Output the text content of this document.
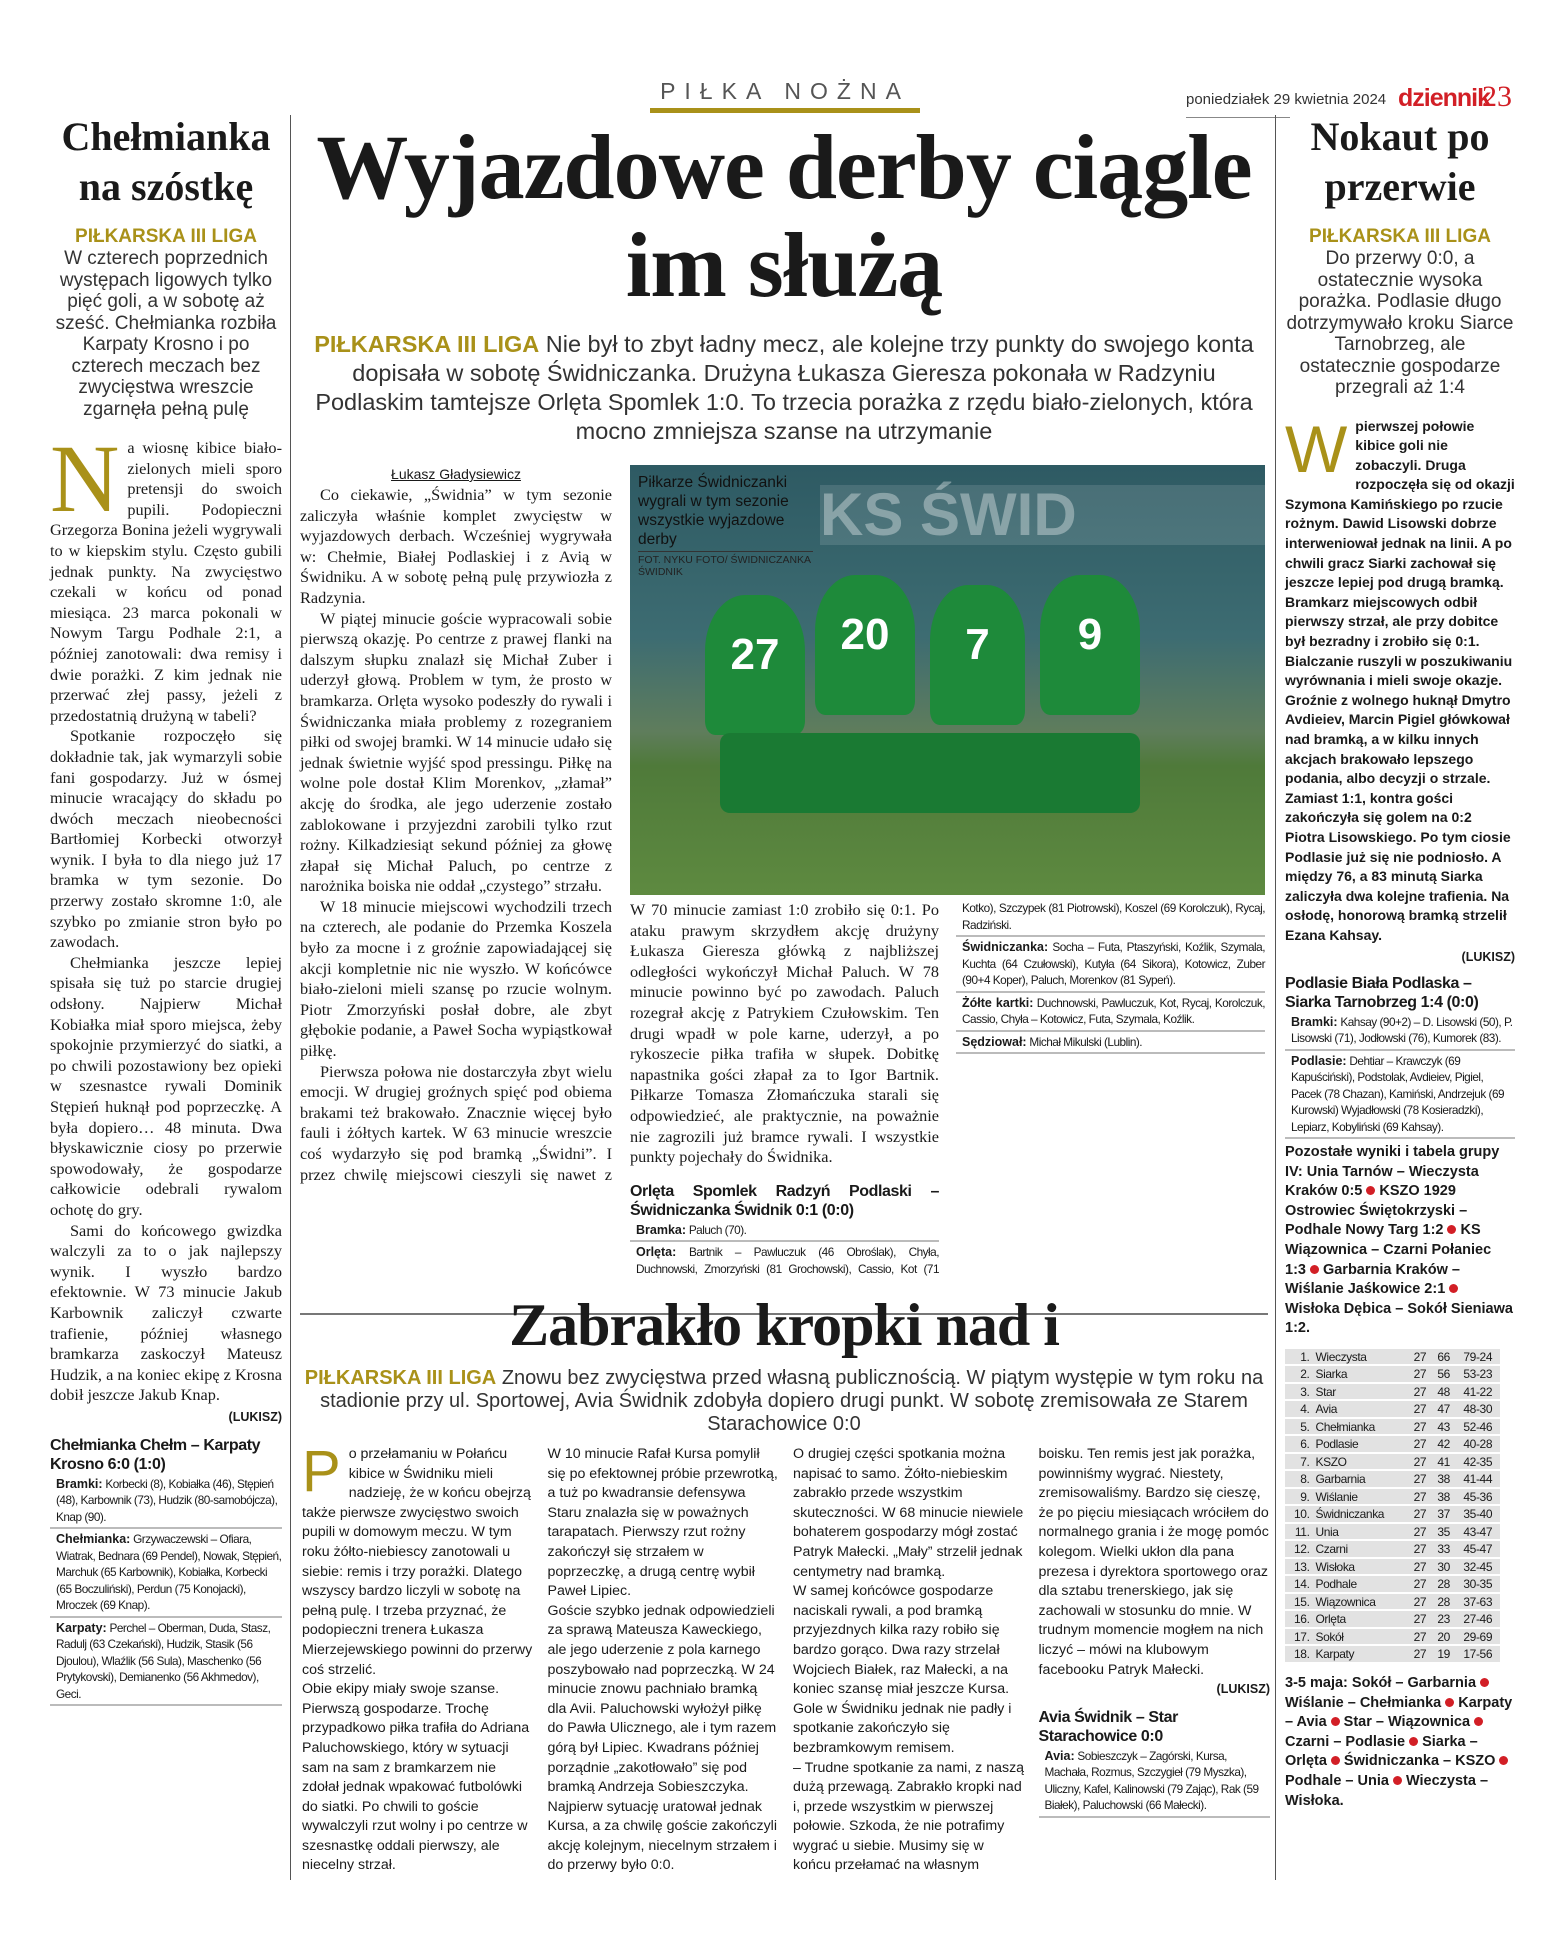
PIŁKA NOŻNA	poniedziałek 29 kwietnia 2024 dziennik
23
Chełmianka na szóstkę
PIŁKARSKA III LIGA
W czterech poprzednich występach ligowych tylko pięć goli, a w sobotę aż sześć. Chełmianka rozbiła Karpaty Krosno i po czterech meczach bez zwycięstwa wreszcie zgarnęła pełną pulę

Na wiosnę kibice biało-zielonych mieli sporo pretensji do swoich pupili. Podopieczni Grzegorza Bonina jeżeli wygrywali to w kiepskim stylu. Często gubili jednak punkty. Na zwycięstwo czekali w końcu od ponad miesiąca. 23 marca pokonali w Nowym Targu Podhale 2:1, a później zanotowali: dwa remisy i dwie porażki. Z kim jednak nie przerwać złej passy, jeżeli z przedostatnią drużyną w tabeli?

Spotkanie rozpoczęło się dokładnie tak, jak wymarzyli sobie fani gospodarzy. Już w ósmej minucie wracający do składu po dwóch meczach nieobecności Bartłomiej Korbecki otworzył wynik. I była to dla niego już 17 bramka w tym sezonie. Do przerwy zostało skromne 1:0, ale szybko po zmianie stron było po zawodach.

Chełmianka jeszcze lepiej spisała się tuż po starcie drugiej odsłony. Najpierw Michał Kobiałka miał sporo miejsca, żeby spokojnie przymierzyć do siatki, a po chwili pozostawiony bez opieki w szesnastce rywali Dominik Stępień huknął pod poprzeczkę. A była dopiero… 48 minuta. Dwa błyskawicznie ciosy po przerwie spowodowały, że gospodarze całkowicie odebrali rywalom ochotę do gry.

Sami do końcowego gwizdka walczyli za to o jak najlepszy wynik. I wyszło bardzo efektownie. W 73 minucie Jakub Karbownik zaliczył czwarte trafienie, później własnego bramkarza zaskoczył Mateusz Hudzik, a na koniec ekipę z Krosna dobił jeszcze Jakub Knap.

(LUKISZ)
Chełmianka Chełm – Karpaty Krosno 6:0 (1:0)
Bramki: Korbecki (8), Kobiałka (46), Stępień (48), Karbownik (73), Hudzik (80-samobójcza), Knap (90).
Chełmianka: Grzywaczewski – Ofiara, Wiatrak, Bednara (69 Pendel), Nowak, Stępień, Marchuk (65 Karbownik), Kobiałka, Korbecki (65 Boczuliński), Perdun (75 Konojacki), Mroczek (69 Knap).
Karpaty: Perchel – Oberman, Duda, Stasz, Radulj (63 Czekański), Hudzik, Stasik (56 Djoulou), Wlaźlik (56 Sula), Maschenko (56 Prytykovski), Demianenko (56 Akhmedov), Geci.
Wyjazdowe derby ciągle im służą
PIŁKARSKA III LIGA Nie był to zbyt ładny mecz, ale kolejne trzy punkty do swojego konta dopisała w sobotę Świdniczanka. Drużyna Łukasza Gieresza pokonała w Radzyniu Podlaskim tamtejsze Orlęta Spomlek 1:0. To trzecia porażka z rzędu biało-zielonych, która mocno zmniejsza szanse na utrzymanie
Łukasz Gładysiewicz
KS ŚWID
27	20	7	9
Piłkarze Świdniczanki wygrali w tym sezonie wszystkie wyjazdowe derby
FOT. NYKU FOTO/ ŚWIDNICZANKA ŚWIDNIK

Co ciekawie, „Świdnia” w tym sezonie zaliczyła właśnie komplet zwycięstw w wyjazdowych derbach. Wcześniej wygrywała w: Chełmie, Białej Podlaskiej i z Avią w Świdniku. A w sobotę pełną pulę przywiozła z Radzynia.

W piątej minucie goście wypracowali sobie pierwszą okazję. Po centrze z prawej flanki na dalszym słupku znalazł się Michał Zuber i uderzył głową. Problem w tym, że prosto w bramkarza. Orlęta wysoko podeszły do rywali i Świdniczanka miała problemy z rozegraniem piłki od swojej bramki. W 14 minucie udało się jednak świetnie wyjść spod pressingu. Piłkę na wolne pole dostał Klim Morenkov, „złamał” akcję do środka, ale jego uderzenie zostało zablokowane i przyjezdni zarobili tylko rzut rożny. Kilkadziesiąt sekund później za głowę złapał się Michał Paluch, po centrze z narożnika boiska nie oddał „czystego” strzału.

W 18 minucie miejscowi wychodzili trzech na czterech, ale podanie do Przemka Koszela było za mocne i z groźnie zapowiadającej się akcji kompletnie nic nie wyszło. W końcówce biało-zieloni mieli szansę po rzucie wolnym. Piotr Zmorzyński posłał dobre, ale zbyt głębokie podanie, a Paweł Socha wypiąstkował piłkę.

Pierwsza połowa nie dostarczyła zbyt wielu emocji. W drugiej groźnych spięć pod obiema brakami też brakowało. Znacznie więcej było fauli i żółtych kartek. W 63 minucie wreszcie coś wydarzyło się pod bramką „Świdni”. I przez chwilę miejscowi cieszyli się nawet z

W 70 minucie zamiast 1:0 zrobiło się 0:1. Po ataku prawym skrzydłem akcję drużyny Łukasza Gieresza główką z najbliższej odległości wykończył Michał Paluch. W 78 minucie powinno być po zawodach. Paluch rozegrał akcję z Patrykiem Czułowskim. Ten drugi wpadł w pole karne, uderzył, a po rykoszecie piłka trafiła w słupek. Dobitkę napastnika gości złapał za to Igor Bartnik. Piłkarze Tomasza Złomańczuka starali się odpowiedzieć, ale praktycznie, na poważnie nie zagrozili już bramce rywali. I wszystkie punkty pojechały do Świdnika.

Orlęta Spomlek Radzyń Podlaski – Świdniczanka Świdnik 0:1 (0:0)
Bramka: Paluch (70).
Orlęta: Bartnik – Pawluczuk (46 Obroślak), Chyła, Duchnowski, Zmorzyński (81 Grochowski), Cassio, Kot (71 Kotko), Szczypek (81 Piotrowski), Koszel (69 Korolczuk), Rycaj, Radziński.
Świdniczanka: Socha – Futa, Ptaszyński, Koźlik, Szymala, Kuchta (64 Czułowski), Kutyła (64 Sikora), Kotowicz, Zuber (90+4 Koper), Paluch, Morenkov (81 Sypeń).
Żółte kartki: Duchnowski, Pawluczuk, Kot, Rycaj, Korolczuk, Cassio, Chyła – Kotowicz, Futa, Szymala, Koźlik.
Sędziował: Michał Mikulski (Lublin).
Nokaut po przerwie
PIŁKARSKA III LIGA
Do przerwy 0:0, a ostatecznie wysoka porażka. Podlasie długo dotrzymywało kroku Siarce Tarnobrzeg, ale ostatecznie gospodarze przegrali aż 1:4
Wpierwszej połowie kibice goli nie zobaczyli. Druga rozpoczęła się od okazji Szymona Kamińskiego po rzucie rożnym. Dawid Lisowski dobrze interweniował jednak na linii. A po chwili gracz Siarki zachował się jeszcze lepiej pod drugą bramką. Bramkarz miejscowych odbił pierwszy strzał, ale przy dobitce był bezradny i zrobiło się 0:1. Bialczanie ruszyli w poszukiwaniu wyrównania i mieli swoje okazje. Groźnie z wolnego huknął Dmytro Avdieiev, Marcin Pigiel główkował nad bramką, a w kilku innych akcjach brakowało lepszego podania, albo decyzji o strzale. Zamiast 1:1, kontra gości zakończyła się golem na 0:2 Piotra Lisowskiego. Po tym ciosie Podlasie już się nie podniosło. A między 76, a 83 minutą Siarka zaliczyła dwa kolejne trafienia. Na osłodę, honorową bramką strzelił Ezana Kahsay.
(LUKISZ)
Podlasie Biała Podlaska – Siarka Tarnobrzeg 1:4 (0:0)
Bramki: Kahsay (90+2) – D. Lisowski (50), P. Lisowski (71), Jodłowski (76), Kumorek (83).
Podlasie: Dehtiar – Krawczyk (69 Kapuściński), Podstolak, Avdieiev, Pigiel, Pacek (78 Chazan), Kamiński, Andrzejuk (69 Kurowski) Wyjadłowski (78 Kosieradzki), Lepiarz, Kobyliński (69 Kahsay).
Pozostałe wyniki i tabela grupy IV: Unia Tarnów – Wieczysta Kraków 0:5 KSZO 1929 Ostrowiec Świętokrzyski – Podhale Nowy Targ 1:2 KS Wiązownica – Czarni Połaniec 1:3 Garbarnia Kraków – Wiślanie Jaśkowice 2:1Wisłoka Dębica – Sokół Sieniawa 1:2.
1.	Wieczysta	27	66	79-24
2.	Siarka	27	56	53-23
3.	Star	27	48	41-22
4.	Avia	27	47	48-30
5.	Chełmianka	27	43	52-46
6.	Podlasie	27	42	40-28
7.	KSZO	27	41	42-35
8.	Garbarnia	27	38	41-44
9.	Wiślanie	27	38	45-36
10.	Świdniczanka	27	37	35-40
11.	Unia	27	35	43-47
12.	Czarni	27	33	45-47
13.	Wisłoka	27	30	32-45
14.	Podhale	27	28	30-35
15.	Wiązownica	27	28	37-63
16.	Orlęta	27	23	27-46
17.	Sokół	27	20	29-69
18.	Karpaty	27	19	17-56
3-5 maja: Sokół – GarbarniaWiślanie – Chełmianka Karpaty – Avia Star – WiązownicaCzarni – Podlasie Siarka – Orlęta Świdniczanka – KSZOPodhale – Unia Wieczysta – Wisłoka.
Zabrakło kropki nad i
PIŁKARSKA III LIGA Znowu bez zwycięstwa przed własną publicznością. W piątym występie w tym roku na stadionie przy ul. Sportowej, Avia Świdnik zdobyła dopiero drugi punkt. W sobotę zremisowała ze Starem Starachowice 0:0

Po przełamaniu w Połańcu kibice w Świdniku mieli nadzieję, że w końcu obejrzą także pierwsze zwycięstwo swoich pupili w domowym meczu. W tym roku żółto-niebiescy zanotowali u siebie: remis i trzy porażki. Dlatego wszyscy bardzo liczyli w sobotę na pełną pulę. I trzeba przyznać, że podopieczni trenera Łukasza Mierzejewskiego powinni do przerwy coś strzelić.

Obie ekipy miały swoje szanse. Pierwszą gospodarze. Trochę przypadkowo piłka trafiła do Adriana Paluchowskiego, który w sytuacji sam na sam z bramkarzem nie zdołał jednak wpakować futbolówki do siatki. Po chwili to goście wywalczyli rzut wolny i po centrze w szesnastkę oddali pierwszy, ale niecelny strzał.

W 10 minucie Rafał Kursa pomylił się po efektownej próbie przewrotką, a tuż po kwadransie defensywa Staru znalazła się w poważnych tarapatach. Pierwszy rzut rożny zakończył się strzałem w poprzeczkę, a drugą centrę wybił Paweł Lipiec.

Goście szybko jednak odpowiedzieli za sprawą Mateusza Kaweckiego, ale jego uderzenie z pola karnego poszybowało nad poprzeczką. W 24 minucie znowu pachniało bramką dla Avii. Paluchowski wyłożył piłkę do Pawła Ulicznego, ale i tym razem górą był Lipiec. Kwadrans później porządnie „zakotłowało” się pod bramką Andrzeja Sobieszczyka. Najpierw sytuację uratował jednak Kursa, a za chwilę goście zakończyli akcję kolejnym, niecelnym strzałem i do przerwy było 0:0.

O drugiej części spotkania można napisać to samo. Żółto-niebieskim zabrakło przede wszystkim skuteczności. W 68 minucie niewiele bohaterem gospodarzy mógł zostać Patryk Małecki. „Mały” strzelił jednak centymetry nad bramką.

W samej końcówce gospodarze naciskali rywali, a pod bramką przyjezdnych kilka razy robiło się bardzo gorąco. Dwa razy strzelał Wojciech Białek, raz Małecki, a na koniec szansę miał jeszcze Kursa. Gole w Świdniku jednak nie padły i spotkanie zakończyło się bezbramkowym remisem.

– Trudne spotkanie za nami, z naszą dużą przewagą. Zabrakło kropki nad i, przede wszystkim w pierwszej połowie. Szkoda, że nie potrafimy wygrać u siebie. Musimy się w końcu przełamać na własnym boisku. Ten remis jest jak porażka, powinniśmy wygrać. Niestety, zremisowaliśmy. Bardzo się cieszę, że po pięciu miesiącach wróciłem do normalnego grania i że mogę pomóc kolegom. Wielki ukłon dla pana prezesa i dyrektora sportowego oraz dla sztabu trenerskiego, jak się zachowali w stosunku do mnie. W trudnym momencie mogłem na nich liczyć – mówi na klubowym facebooku Patryk Małecki.

(LUKISZ)
Avia Świdnik – Star Starachowice 0:0
Avia: Sobieszczyk – Zagórski, Kursa, Machała, Rozmus, Szczygieł (79 Myszka), Uliczny, Kafel, Kalinowski (79 Zając), Rak (59 Białek), Paluchowski (66 Małecki).
